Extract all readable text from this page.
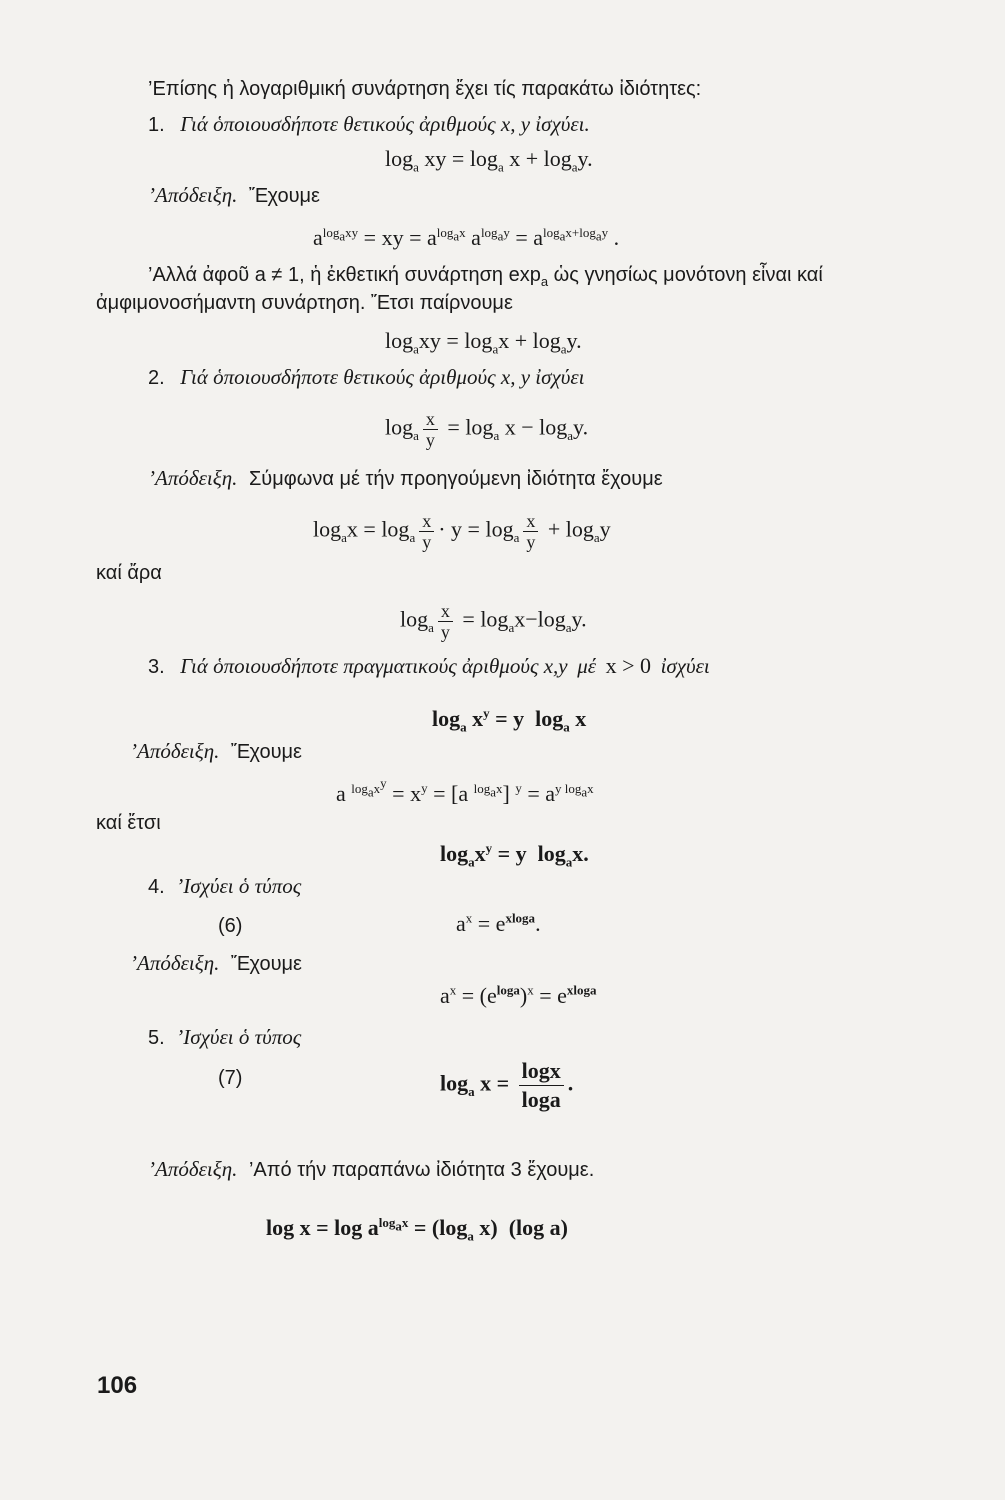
’Επίσης ἡ λογαριθμική συνάρτηση ἔχει τίς παρακάτω ἰδιότητες:
1. Γιά ὁποιουσδήποτε θετικούς ἀριθμούς x, y ἰσχύει.
$\log_a$ xy = $\log_a x + \log_ay$.
’Απόδειξη. Ἔχουμε
$a^{log_axy}$ = xy = $a^{log_ax}$ $a^{log_ay} = a^{log_ax+log_ay}$ .
’Αλλά ἀφοῦ a ≠ 1, ἡ ἐκθετική συνάρτηση $\exp_a$ ὡς γνησίως μονότονη εἶναι καί
ἀμφιμονοσήμαντη συνάρτηση. Ἔτσι παίρνουμε
$\log_axy = \log_ax + \log_ay$.
2. Γιά ὁποιουσδήποτε θετικούς ἀριθμούς x, y ἰσχύει
$\log_a \frac{x}{y} = \log_a x - \log_ay$.
’Απόδειξη. Σύμφωνα μέ τήν προηγούμενη ἰδιότητα ἔχουμε
$\log_ax = \log_a \frac{x}{y} \cdot y = \log_a \frac{x}{y} + \log_ay$
καί ἄρα
$\log_a \frac{x}{y} = \log_ax-\log_ay$.
3. Γιά ὁποιουσδήποτε πραγματικούς ἀριθμούς x,y μέ x > 0 ἰσχύει
$\log_a x^y = y$  $\log_a x$
’Απόδειξη. Ἔχουμε
a $^{log_ax^y} = x^y = [a$ $^{log_ax}$] $^y = a^{y log_ax}$
καί ἔτσι
$\log_ax^y = y$  $\log_ax$.
4. ’Ισχύει ὁ τύπος
(6)	$a^x = e^{xloga}$.
’Απόδειξη. Ἔχουμε
$a^x = (e^{loga})^x = e^{xloga}$
5. ’Ισχύει ὁ τύπος
(7)	$\log_a x = \frac{\log x}{\log a}$ .
’Απόδειξη. ’Από τήν παραπάνω ἰδιότητα 3 ἔχουμε.
$\log x = \log a^{log_ax} = (\log_a$ x)  (log a)
106
